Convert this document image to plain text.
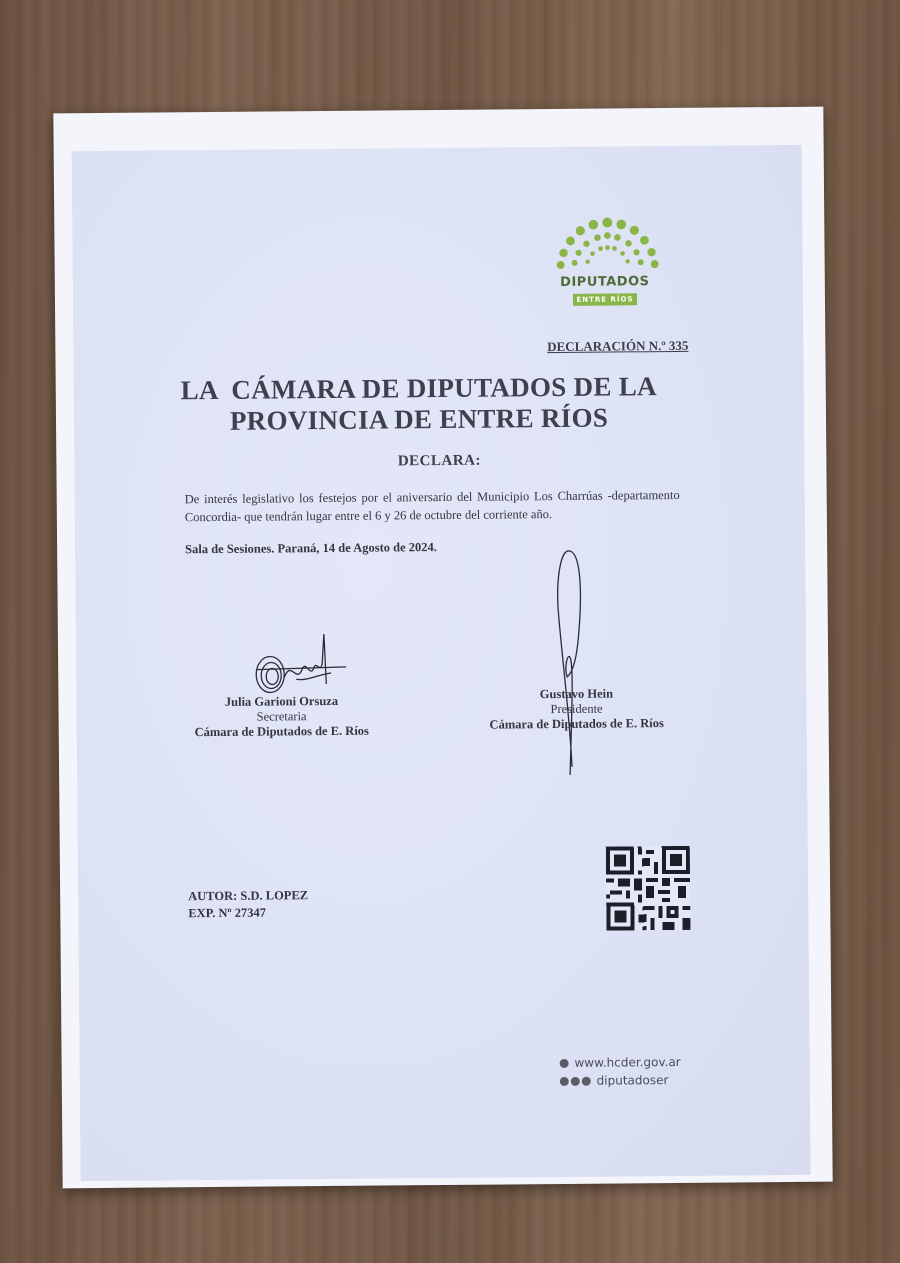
DIPUTADOS
ENTRE RÍOS
DECLARACIÓN N.º 335
LA  CÁMARA DE DIPUTADOS DE LA
PROVINCIA DE ENTRE RÍOS
DECLARA:
De interés legislativo los festejos por el aniversario del Municipio Los Charrúas -departamento Concordia- que tendrán lugar entre el 6 y 26 de octubre del corriente año.
Sala de Sesiones. Paraná, 14 de Agosto de 2024.
Julia Garioni Orsuza
Secretaria
Cámara de Diputados de E. Ríos
Gustavo Hein
Presidente
Cámara de Diputados de E. Ríos
AUTOR: S.D. LOPEZ
EXP. Nº 27347
www.hcder.gov.ar
diputadoser
